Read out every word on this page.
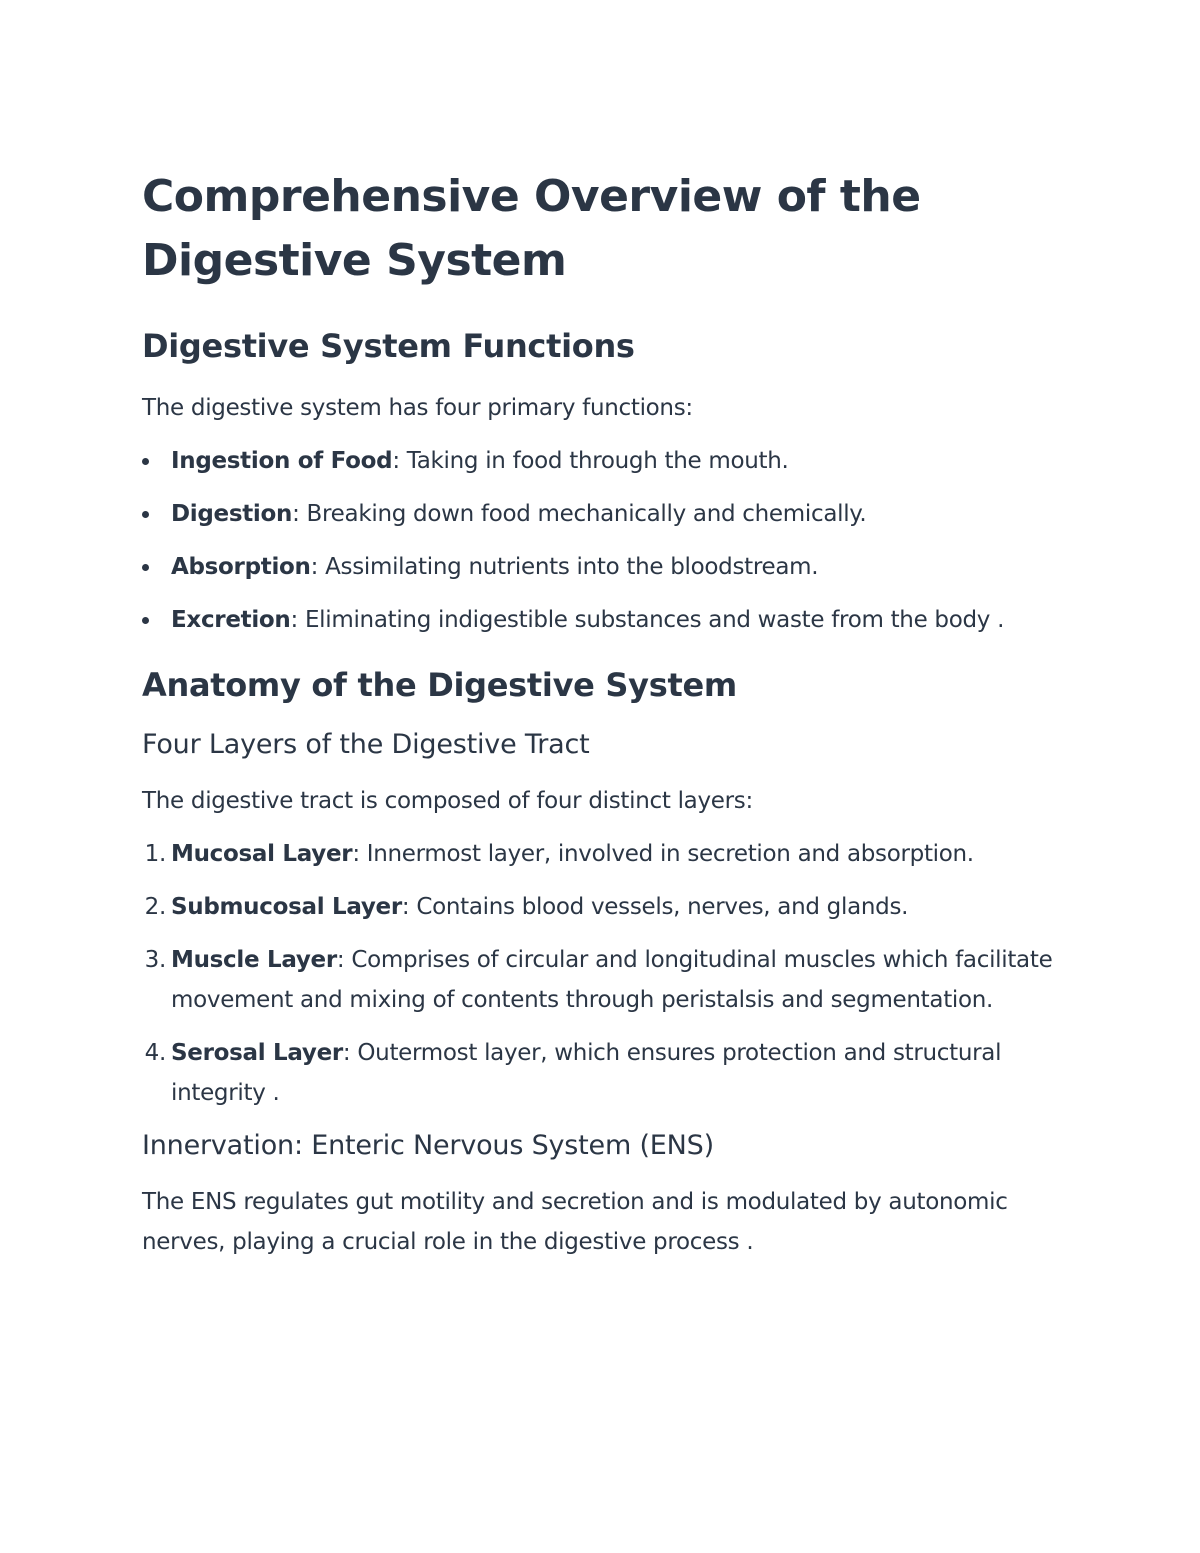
Comprehensive Overview of the Digestive System
Digestive System Functions

The digestive system has four primary functions:

Ingestion of Food: Taking in food through the mouth.
Digestion: Breaking down food mechanically and chemically.
Absorption: Assimilating nutrients into the bloodstream.
Excretion: Eliminating indigestible substances and waste from the body .
Anatomy of the Digestive System
Four Layers of the Digestive Tract

The digestive tract is composed of four distinct layers:

1. Mucosal Layer: Innermost layer, involved in secretion and absorption.
2. Submucosal Layer: Contains blood vessels, nerves, and glands.
3. Muscle Layer: Comprises of circular and longitudinal muscles which facilitate movement and mixing of contents through peristalsis and segmentation.
4. Serosal Layer: Outermost layer, which ensures protection and structural integrity .
Innervation: Enteric Nervous System (ENS)

The ENS regulates gut motility and secretion and is modulated by autonomic nerves, playing a crucial role in the digestive process .
